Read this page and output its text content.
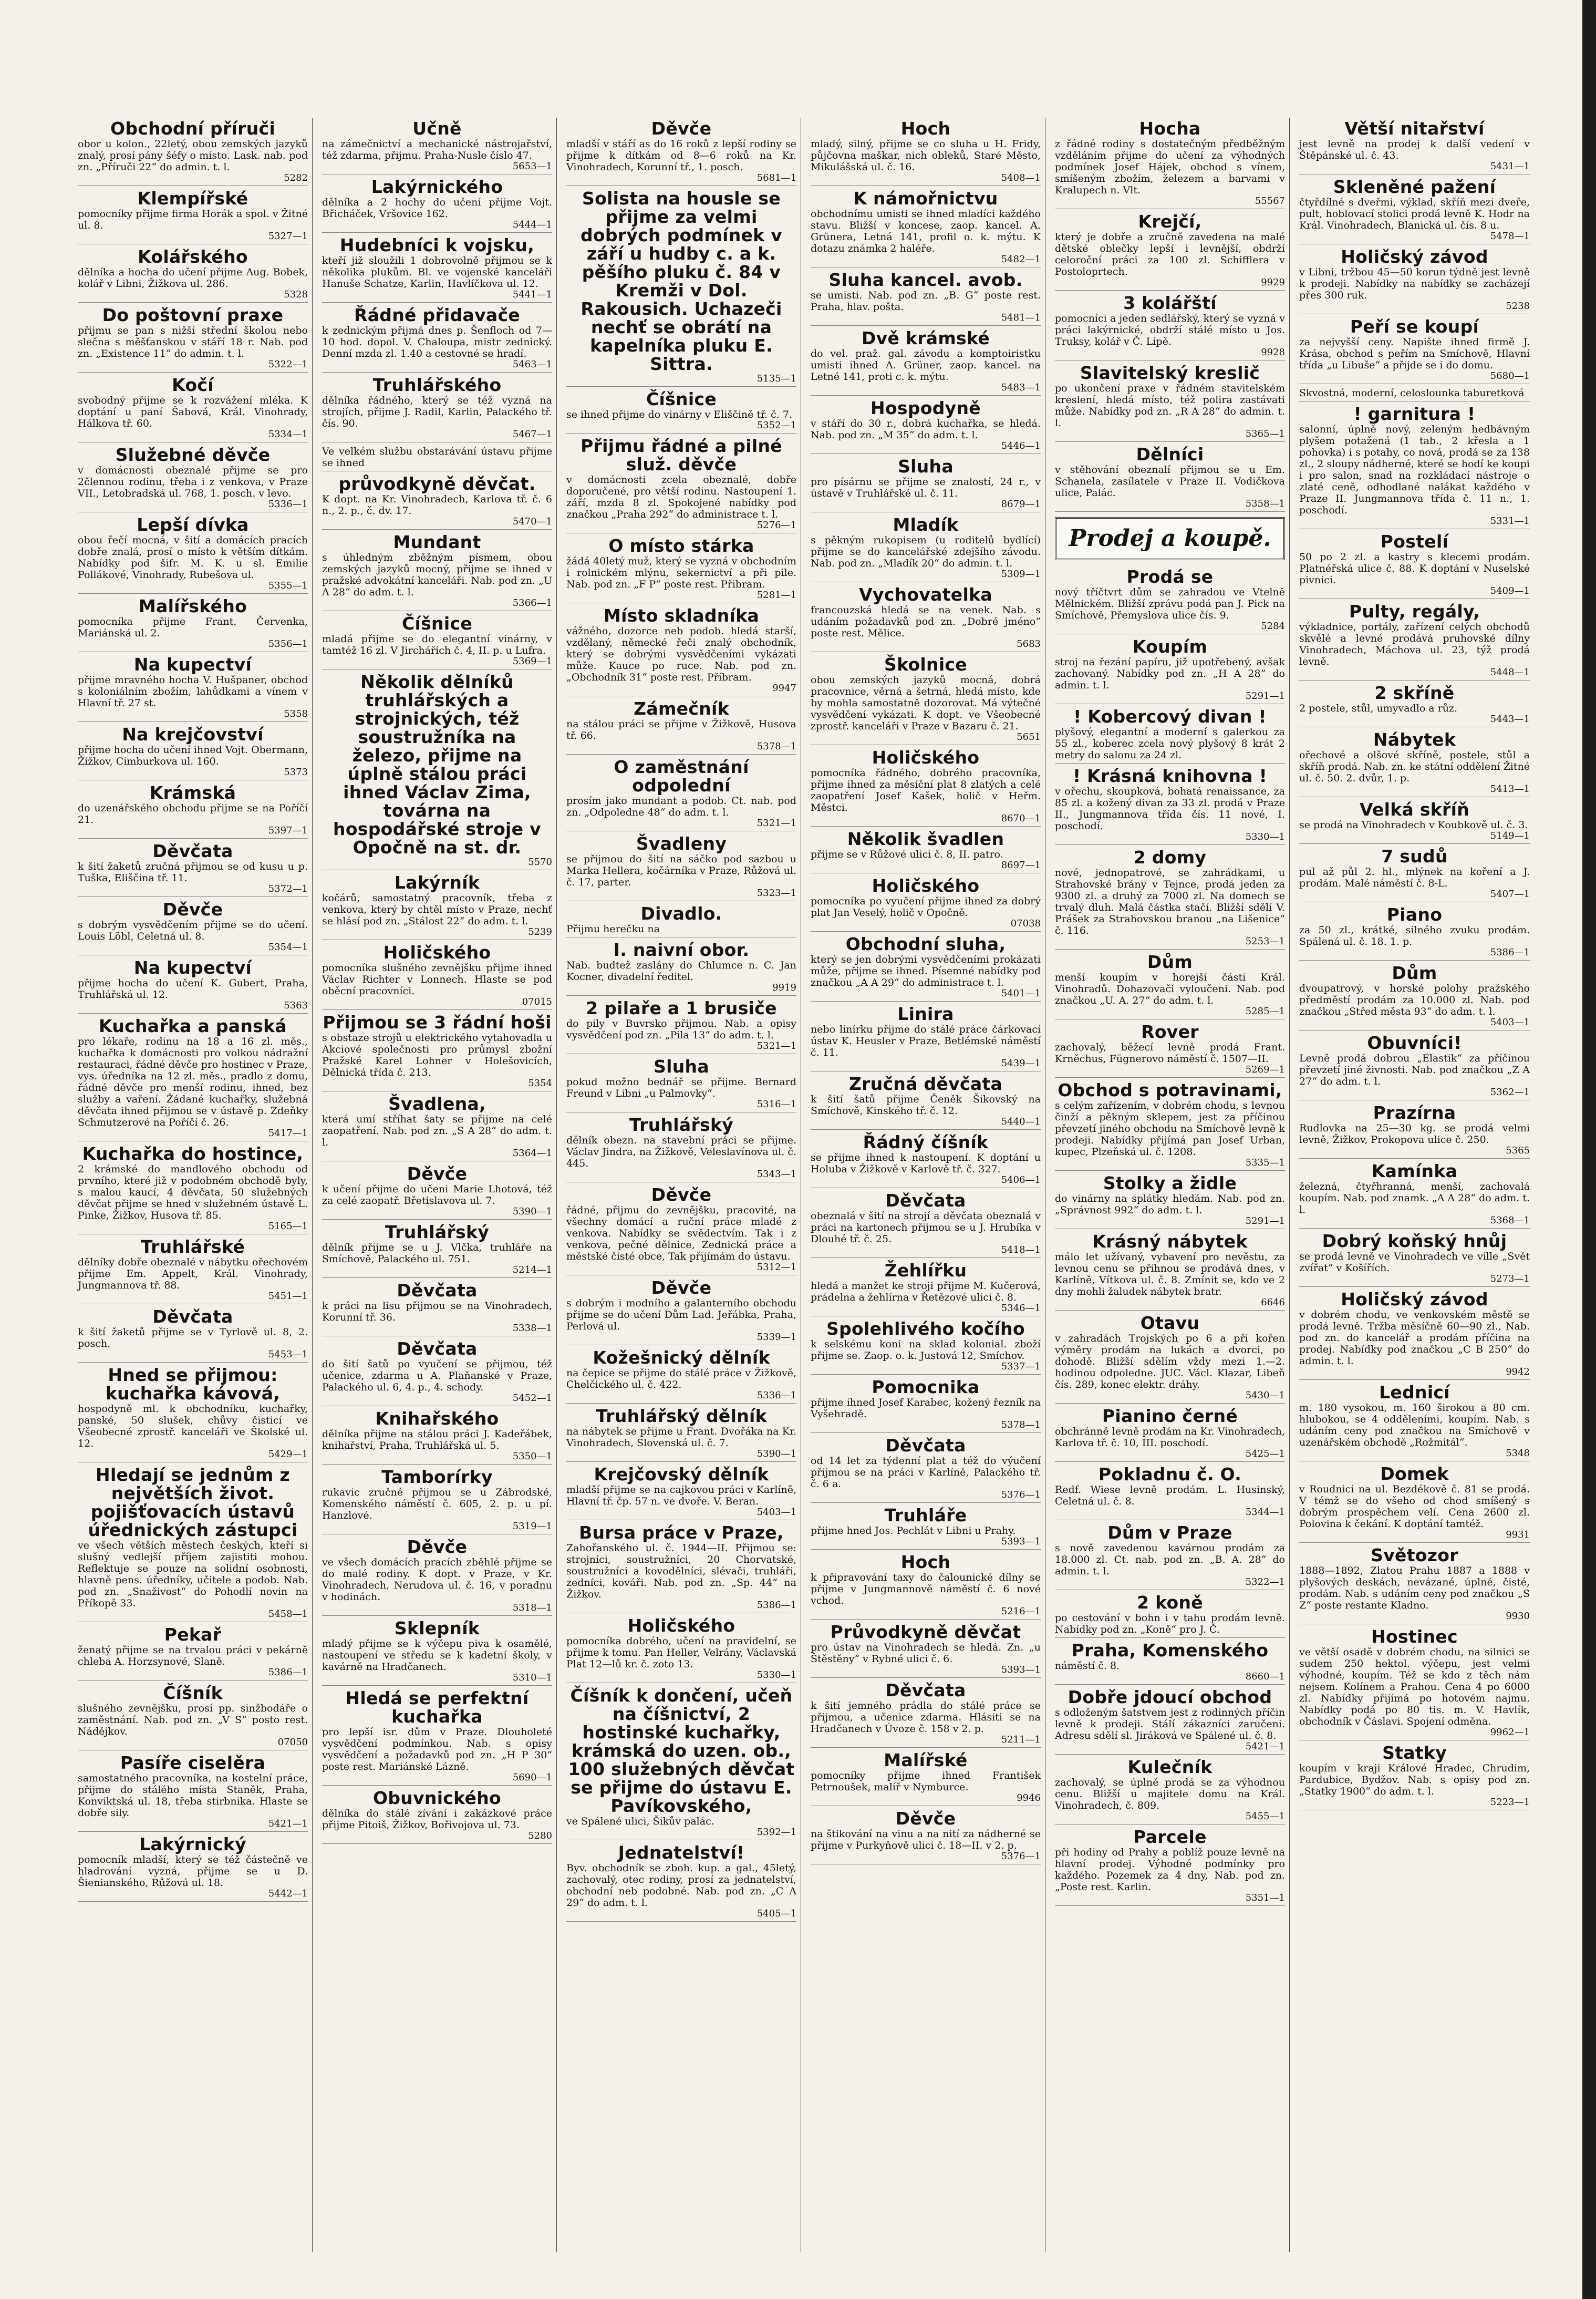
Obchodní příruči

obor u kolon., 22letý, obou zemských jazyků znalý, prosí pány šéfy o místo. Lask. nab. pod zn. „Příruči 22“ do admin. t. l.

5282
Klempířské

pomocníky přijme firma Horák a spol. v Žitné ul. 8.

5327—1
Kolářského

dělníka a hocha do učení přijme Aug. Bobek, kolář v Libni, Žižkova ul. 286.

5328
Do poštovní praxe

přijmu se pan s nižší střední školou nebo slečna s měšťanskou v stáří 18 r. Nab. pod zn. „Existence 11“ do admin. t. l.

5322—1
Kočí

svobodný přijme se k rozvážení mléka. K doptání u paní Šabová, Král. Vinohrady, Hálkova tř. 60.

5334—1
Služebné děvče

v domácnosti obeznalé přijme se pro 2člennou rodinu, třeba i z venkova, v Praze VII., Letobradská ul. 768, 1. posch. v levo.

5336—1
Lepší dívka

obou řečí mocná, v šití a domácích pracích dobře znalá, prosí o místo k větším dítkám. Nabídky pod šifr. M. K. u sl. Emilie Pollákové, Vinohrady, Rubešova ul.

5355—1
Malířského

pomocníka přijme Frant. Červenka, Mariánská ul. 2.

5356—1
Na kupectví

přijme mravného hocha V. Hušpaner, obchod s koloniálním zbožím, lahůdkami a vínem v Hlavní tř. 27 st.

5358
Na krejčovství

přijme hocha do učení ihned Vojt. Obermann, Žižkov, Cimburkova ul. 160.

5373
Krámská

do uzenářského obchodu přijme se na Poříčí 21.

5397—1
Děvčata

k šití žaketů zručná přijmou se od kusu u p. Tuška, Eliščina tř. 11.

5372—1
Děvče

s dobrým vysvědčením přijme se do učení. Louis Löbl, Celetná ul. 8.

5354—1
Na kupectví

přijme hocha do učení K. Gubert, Praha, Truhlářská ul. 12.

5363
Kuchařka a panská

pro lékaře, rodinu na 18 a 16 zl. měs., kuchařka k domácnosti pro volkou nádražní restauraci, řádné děvče pro hostinec v Praze, vys. úředníka na 12 zl. měs., pradlo z domu, řádné děvče pro menší rodinu, ihned, bez služby a vaření. Žádané kuchařky, služebná děvčata ihned přijmou se v ústavě p. Zdeňky Schmutzerové na Poříčí č. 26.

5417—1
Kuchařka do hostince,

2 krámské do mandlového obchodu od prvního, které již v podobném obchodě byly, s malou kaucí, 4 děvčata, 50 služebných děvčat přijme se hned v služebném ústavě L. Pinke, Žižkov, Husova tř. 85.

5165—1
Truhlářské

dělníky dobře obeznalé v nábytku ořechovém přijme Em. Appelt, Král. Vinohrady, Jungmannova tř. 88.

5451—1
Děvčata

k šití žaketů přijme se v Tyrlově ul. 8, 2. posch.

5453—1
Hned se přijmou: kuchařka kávová,

hospodyně ml. k obchodníku, kuchařky, panské, 50 slušek, chůvy čisticí ve Všeobecné zprostř. kanceláři ve Školské ul. 12.

5429—1
Hledají se jednům z největších život. pojišťovacích ústavů úřednických zástupci

ve všech větších městech českých, kteří si slušný vedlejší příjem zajistiti mohou. Reflektuje se pouze na solidní osobnosti, hlavně pens. úředníky, učitele a podob. Nab. pod zn. „Snaživost“ do Pohodlí novin na Příkopě 33.

5458—1
Pekař

ženatý přijme se na trvalou práci v pekárně chleba A. Horzsynové, Slaně.

5386—1
Číšník

slušného zevnějšku, prosí pp. sinžbodáře o zaměstnání. Nab. pod zn. „V S“ posto rest. Nádějkov.

07050
Pasíře ciselěra

samostatného pracovníka, na kostelní práce, přijme do stálého místa Staněk, Praha, Konviktská ul. 18, třeba stirbnika. Hlaste se dobře sily.

5421—1
Lakýrnický

pomocník mladší, který se též částečně ve hladrování vyzná, přijme se u D. Šienianského, Růžová ul. 18.

5442—1
Učně

na zámečnictví a mechanické nástrojařství, též zdarma, přijmu. Praha-Nusle číslo 47.

5653—1
Lakýrnického

dělníka a 2 hochy do učení přijme Vojt. Břicháček, Vršovice 162.

5444—1
Hudebníci k vojsku,

kteří již sloužili 1 dobrovolně přijmou se k několika plukům. Bl. ve vojenské kanceláři Hanuše Schatze, Karlin, Havlíčkova ul. 12.

5441—1
Řádné přidavače

k zednickým přijmá dnes p. Šenfloch od 7—10 hod. dopol. V. Chaloupa, mistr zednický. Denní mzda zl. 1.40 a cestovné se hradí.

5463—1
Truhlářského

dělníka řádného, který se též vyzná na strojích, přijme J. Radil, Karlin, Palackého tř. čís. 90.

5467—1

Ve velkém službu obstarávání ústavu přijme se ihned

průvodkyně děvčat.

K dopt. na Kr. Vinohradech, Karlova tř. č. 6 n., 2. p., č. dv. 17.

5470—1
Mundant

s úhledným zběžným písmem, obou zemských jazyků mocný, přijme se ihned v pražské advokátní kanceláři. Nab. pod zn. „U A 28“ do adm. t. l.

5366—1
Číšnice

mladá přijme se do elegantní vinárny, v tamtéž 16 zl. V Jirchářích č. 4, II. p. u Lufra.

5369—1
Několik dělníků truhlářských a strojnických, též soustružníka na železo, přijme na úplně stálou práci ihned Václav Zima, továrna na hospodářské stroje v Opočně na st. dr.
5570
Lakýrník

kočárů, samostatný pracovník, třeba z venkova, který by chtěl místo v Praze, nechť se hlásí pod zn. „Stálost 22“ do adm. t. l.

5239
Holičského

pomocníka slušného zevnějšku přijme ihned Václav Richter v Lonnech. Hlaste se pod oběcní pracovníci.

07015
Přijmou se 3 řádní hoši

s obstaze strojů u elektrického vytahovadla u Akciové společnosti pro průmysl zbožní Pražské Karel Lohner v Holešovicích, Dělnická třída č. 213.

5354
Švadlena,

která umí stříhat šaty se přijme na celé zaopatření. Nab. pod zn. „S A 28“ do adm. t. l.

5364—1
Děvče

k učení přijme do učeni Marie Lhotová, též za celé zaopatř. Břetislavova ul. 7.

5390—1
Truhlářský

dělník přijme se u J. Vlčka, truhláře na Smíchově, Palackého ul. 751.

5214—1
Děvčata

k práci na lisu přijmou se na Vinohradech, Korunní tř. 36.

5338—1
Děvčata

do šití šatů po vyučení se přijmou, též učenice, zdarma u A. Plaňanské v Praze, Palackého ul. 6, 4. p., 4. schody.

5452—1
Knihařského

dělníka přijme na stálou práci J. Kadeřábek, knihařství, Praha, Truhlářská ul. 5.

5350—1
Tamborírky

rukavic zručné přijmou se u Zábrodské, Komenského náměstí č. 605, 2. p. u pí. Hanzlové.

5319—1
Děvče

ve všech domácích pracích zběhlé přijme se do malé rodiny. K dopt. v Praze, v Kr. Vinohradech, Nerudova ul. č. 16, v poradnu v hodinách.

5318—1
Sklepník

mladý přijme se k výčepu piva k osamělé, nastoupení ve středu se k kadetní školy, v kavárně na Hradčanech.

5310—1
Hledá se perfektní kuchařka

pro lepší isr. dům v Praze. Dlouholeté vysvědčení podmínkou. Nab. s opisy vysvědčení a požadavků pod zn. „H P 30“ poste rest. Mariánské Lázně.

5690—1
Obuvnického

dělníka do stálé zívání i zakázkové práce přijme Pitoiš, Žižkov, Bořivojova ul. 73.

5280
Děvče

mladší v stáří as do 16 roků z lepší rodiny se přijme k dítkám od 8—6 roků na Kr. Vinohradech, Korunní tř., 1. posch.

5681—1
Solista na housle se přijme za velmi dobrých podmínek v září u hudby c. a k. pěšího pluku č. 84 v Kremži v Dol. Rakousich. Uchazeči nechť se obrátí na kapelníka pluku E. Sittra.
5135—1
Číšnice

se ihned přijme do vinárny v Eliščině tř. č. 7.

5352—1
Přijmu řádné a pilné služ. děvče

v domácnosti zcela obeznalé, dobře doporučené, pro větší rodinu. Nastoupení 1. září, mzda 8 zl. Spokojené nabídky pod značkou „Praha 292“ do administrace t. l.

5276—1
O místo stárka

žádá 40letý muž, který se vyzná v obchodním i rolnickém mlýnu, sekernictví a při pile. Nab. pod zn. „F P“ poste rest. Přibram.

5281—1
Místo skladníka

vážného, dozorce neb podob. hledá starší, vzdělaný, německé řeči znalý obchodník, který se dobrými vysvědčeními vykázati může. Kauce po ruce. Nab. pod zn. „Obchodník 31“ poste rest. Příbram.

9947
Zámečník

na stálou práci se přijme v Žižkově, Husova tř. 66.

5378—1
O zaměstnání odpolední

prosím jako mundant a podob. Ct. nab. pod zn. „Odpoledne 48“ do adm. t. l.

5321—1
Švadleny

se přijmou do šití na sáčko pod sazbou u Marka Hellera, kočárníka v Praze, Růžová ul. č. 17, parter.

5323—1
Divadlo.

Přijmu herečku na

I. naivní obor.

Nab. budtež zaslány do Chlumce n. C. Jan Kocner, divadelní ředitel.

9919
2 pilaře a 1 brusiče

do pily v Buvrsko přijmou. Nab. a opisy vysvědčení pod zn. „Pila 13“ do adm. t. l.

5321—1
Sluha

pokud možno bednář se přijme. Bernard Freund v Libni „u Palmovky“.

5316—1
Truhlářský

dělník obezn. na stavební práci se přijme. Václav Jindra, na Žižkově, Veleslavínova ul. č. 445.

5343—1
Děvče

řádné, přijmu do zevnějšku, pracovité, na všechny domácí a ruční práce mladé z venkova. Nabídky se svědectvím. Tak i z venkova, pečné dělnice, Zednická práce a městské čisté obce, Tak přijímám do ústavu.

5312—1
Děvče

s dobrým i modního a galanterního obchodu přijme se do učení Dům Lad. Jeřábka, Praha, Perlová ul.

5339—1
Kožešnický dělník

na čepice se přijme do stálé práce v Žižkově, Chelčického ul. č. 422.

5336—1
Truhlářský dělník

na nábytek se přijme u Frant. Dvořáka na Kr. Vinohradech, Slovenská ul. č. 7.

5390—1
Krejčovský dělník

mladší přijme se na cajkovou práci v Karlíně, Hlavní tř. čp. 57 n. ve dvoře. V. Beran.

5403—1
Bursa práce v Praze,

Zahořanského ul. č. 1944—II. Přijmou se: strojníci, soustružníci, 20 Chorvatské, soustružníci a kovodělníci, slévači, truhláři, zedníci, kováři. Nab. pod zn. „Sp. 44“ na Žižkov.

5386—1
Holičského

pomocníka dobrého, učení na pravidelní, se přijme k tomu. Pan Heller, Velrány, Václavská Plat 12—lů kr. č. zoto 13.

5330—1
Číšník k dončení, učeň na číšnictví, 2 hostinské kuchařky, krámská do uzen. ob., 100 služebných děvčat se přijme do ústavu E. Pavíkovského,

ve Spálené ulici, Šikův palác.

5392—1
Jednatelství!

Byv. obchodník se zboh. kup. a gal., 45letý, zachovalý, otec rodiny, prosí za jednatelství, obchodní neb podobné. Nab. pod zn. „C A 29“ do adm. t. l.

5405—1
Hoch

mladý, silný, přijme se co sluha u H. Fridy, půjčovna maškar, nich obleků, Staré Město, Mikulášská ul. č. 16.

5408—1
K námořnictvu

obchodnímu umisti se ihned mladíci každého stavu. Bližší v koncese, zaop. kancel. A. Grünera, Letná 141, profil o. k. mýtu. K dotazu známka 2 haléře.

5482—1
Sluha kancel. avob.

se umisti. Nab. pod zn. „B. G“ poste rest. Praha, hlav. pošta.

5481—1
Dvě krámské

do vel. praž. gal. závodu a komptoiristku umisti ihned A. Grüner, zaop. kancel. na Letné 141, proti c. k. mýtu.

5483—1
Hospodyně

v stáří do 30 r., dobrá kuchařka, se hledá. Nab. pod zn. „M 35“ do adm. t. l.

5446—1
Sluha

pro písárnu se přijme se znalostí, 24 r., v ústavě v Truhlářské ul. č. 11.

8679—1
Mladík

s pěkným rukopisem (u roditelů bydlící) přijme se do kancelářské zdejšího závodu. Nab. pod zn. „Mladík 20“ do admin. t. l.

5309—1
Vychovatelka

francouzská hledá se na venek. Nab. s udáním požadavků pod zn. „Dobré jméno“ poste rest. Mělice.

5683
Školnice

obou zemských jazyků mocná, dobrá pracovnice, věrná a šetrná, hledá místo, kde by mohla samostatně dozorovat. Má výtečné vysvědčení vykázati. K dopt. ve Všeobecné zprostř. kanceláři v Praze v Bazaru č. 21.

5651
Holičského

pomocníka řádného, dobrého pracovníka, přijme ihned za měsíční plat 8 zlatých a celé zaopatření Josef Kašek, holič v Heřm. Městci.

8670—1
Několik švadlen

přijme se v Růžové ulici č. 8, II. patro.

8697—1
Holičského

pomocníka po vyučení přijme ihned za dobrý plat Jan Veselý, holič v Opočně.

07038
Obchodní sluha,

který se jen dobrými vysvědčeními prokázati může, přijme se ihned. Písemné nabídky pod značkou „A A 29“ do administrace t. l.

5401—1
Linira

nebo linírku přijme do stálé práce čárkovací ústav K. Heusler v Praze, Betlémské náměstí č. 11.

5439—1
Zručná děvčata

k šití šatů přijme Čeněk Šikovský na Smíchově, Kinského tř. č. 12.

5440—1
Řádný číšník

se přijme ihned k nastoupení. K doptání u Holuba v Žižkově v Karlově tř. č. 327.

5406—1
Děvčata

obeznalá v šití na strojí a děvčata obeznalá v práci na kartonech přijmou se u J. Hrubíka v Dlouhé tř. č. 25.

5418—1
Žehlířku

hledá a manžet ke stroji přijme M. Kučerová, prádelna a žehlírna v Řetězové ulici č. 8.

5346—1
Spolehlivého kočího

k selskému koni na sklad kolonial. zboží přijme se. Zaop. o. k. Justová 12, Smíchov.

5337—1
Pomocnika

přijme ihned Josef Karabec, kožený řezník na Vyšehradě.

5378—1
Děvčata

od 14 let za týdenní plat a též do výučení přijmou se na práci v Karlíně, Palackého tř. č. 6 a.

5376—1
Truhláře

přijme hned Jos. Pechlát v Libni u Prahy.

5393—1
Hoch

k připravování taxy do čalounické dílny se přijme v Jungmannově náměstí č. 6 nové vchod.

5216—1
Průvodkyně děvčat

pro ústav na Vinohradech se hledá. Zn. „u Štěstěny“ v Rybné ulici č. 6.

5393—1
Děvčata

k šití jemného prádla do stálé práce se přijmou, a učenice zdarma. Hlásiti se na Hradčanech v Úvoze č. 158 v 2. p.

5211—1
Malířské

pomocníky přijme ihned František Petrnoušek, malíř v Nymburce.

9946
Děvče

na štikování na vinu a na nití za nádherné se přijme v Purkyňově ulici č. 18—II. v 2. p.

5376—1
Hocha

z řádné rodiny s dostatečným předběžným vzděláním přijme do učení za výhodných podmínek Josef Hájek, obchod s vínem, smíšeným zbožím, železem a barvami v Kralupech n. Vlt.

55567
Krejčí,

který je dobře a zručně zavedena na malé dětské oblečky lepší i levnější, obdrží celoroční práci za 100 zl. Schifflera v Postoloprtech.

9929
3 kolářští

pomocníci a jeden sedlářský, který se vyzná v práci lakýrnické, obdrží stálé místo u Jos. Truksy, kolář v Č. Lípě.

9928
Slavitelský kreslič

po ukončení praxe v řádném stavitelském kreslení, hledá místo, též polira zastávati může. Nabídky pod zn. „R A 28“ do admin. t. l.

5365—1
Dělníci

v stěhování obeznalí přijmou se u Em. Schanela, zasílatele v Praze II. Vodičkova ulice, Palác.

5358—1
Prodej a koupě.
Prodá se

nový tříčtvrt dům se zahradou ve Vtelně Mělnickém. Bližší zprávu podá pan J. Pick na Smíchově, Přemyslova ulice čís. 9.

5284
Koupím

stroj na řezání papíru, již upotřebený, avšak zachovaný. Nabídky pod zn. „H A 28“ do admin. t. l.

5291—1
! Kobercový divan !

plyšový, elegantní a moderní s galerkou za 55 zl., koberec zcela nový plyšový 8 krát 2 metry do salonu za 24 zl.

! Krásná knihovna !

v ořechu, skoupková, bohatá renaissance, za 85 zl. a kožený divan za 33 zl. prodá v Praze II., Jungmannova třída čís. 11 nové, I. poschodí.

5330—1
2 domy

nové, jednopatrové, se zahrádkami, u Strahovské brány v Tejnce, prodá jeden za 9300 zl. a druhý za 7000 zl. Na domech se trvalý dluh. Malá částka stačí. Bližší sdělí V. Prášek za Strahovskou branou „na Lišenice“ č. 116.

5253—1
Dům

menší koupím v horejší části Král. Vinohradů. Dohazovači vyloučeni. Nab. pod značkou „U. A. 27“ do adm. t. l.

5285—1
Rover

zachovalý, běžecí levně prodá Frant. Krněchus, Fügnerovo náměstí č. 1507—II.

5269—1
Obchod s potravinami,

s celým zařízením, v dobrém chodu, s levnou činží a pěkným sklepem, jest za příčinou převzetí jiného obchodu na Smíchově levně k prodeji. Nabídky přijímá pan Josef Urban, kupec, Plzeňská ul. č. 1208.

5335—1
Stolky a židle

do vinárny na splátky hledám. Nab. pod zn. „Správnost 992“ do adm. t. l.

5291—1
Krásný nábytek

málo let užívaný, vybavení pro nevěstu, za levnou cenu se přihnou se prodává dnes, v Karlíně, Vítkova ul. č. 8. Zmínit se, kdo ve 2 dny mohli žaludek nábytek bratr.

6646
Otavu

v zahradách Trojských po 6 a při kořen výměry prodám na lukách a dvorci, po dohodě. Bližší sdělím vždy mezi 1.—2. hodinou odpoledne. JUC. Václ. Klazar, Libeň čís. 289, konec elektr. dráhy.

5430—1
Pianino černé

obchránně levně prodám na Kr. Vinohradech, Karlova tř. č. 10, III. poschodí.

5425—1
Pokladnu č. O.

Redf. Wiese levně prodám. L. Husinský, Celetná ul. č. 8.

5344—1
Dům v Praze

s nově zavedenou kavárnou prodám za 18.000 zl. Ct. nab. pod zn. „B. A. 28“ do admin. t. l.

5322—1
2 koně

po cestování v bohn i v tahu prodám levně. Nabídky pod zn. „Koně“ pro J. Č.

Praha, Komenského

náměstí č. 8.

8660—1
Dobře jdoucí obchod

s odloženým šatstvem jest z rodinných příčin levně k prodeji. Stálí zákazníci zaručeni. Adresu sdělí sl. Jiráková ve Spálené ul. č. 8.

5421—1
Kulečník

zachovalý, se úplně prodá se za výhodnou cenu. Bližší u majitele domu na Král. Vinohradech, č. 809.

5455—1
Parcele

při hodiny od Prahy a poblíž pouze levně na hlavní prodej. Výhodné podmínky pro každého. Pozemek za 4 dny, Nab. pod zn. „Poste rest. Karlin.

5351—1
Větší nitařství

jest levně na prodej k další vedení v Štěpánské ul. č. 43.

5431—1
Skleněné pažení

čtyřdílné s dveřmi, výklad, skříň mezi dveře, pult, hoblovací stolici prodá levně K. Hodr na Král. Vinohradech, Blanická ul. čís. 8 u.

5478—1
Holičský závod

v Libni, tržbou 45—50 korun týdně jest levně k prodeji. Nabídky na nabídky se zacházejí přes 300 ruk.

5238
Peří se koupí

za nejvyšší ceny. Napište ihned firmě J. Krása, obchod s peřím na Smíchově, Hlavní třída „u Libuše“ a přijde se i do domu.

5680—1

Skvostná, moderní, celoslounka taburetková

! garnitura !

salonní, úplně nový, zeleným hedbávným plyšem potažená (1 tab., 2 křesla a 1 pohovka) i s potahy, co nová, prodá se za 138 zl., 2 sloupy nádherné, které se hodí ke koupi i pro salon, snad na rozkládací nástroje o zlaté ceně, odhodlané nalákat každého v Praze II. Jungmannova třída č. 11 n., 1. poschodí.

5331—1
Postelí

50 po 2 zl. a kastry s klecemi prodám. Platnéřská ulice č. 88. K doptání v Nuselské pivnici.

5409—1
Pulty, regály,

výkladnice, portály, zařízení celých obchodů skvělé a levné prodává pruhovské dílny Vinohradech, Máchova ul. 23, týž prodá levně.

5448—1
2 skříně

2 postele, stůl, umyvadlo a růz.

5443—1
Nábytek

ořechové a olšové skříně, postele, stůl a skříň prodá. Nab. zn. ke státní oddělení Žitné ul. č. 50. 2. dvůr, 1. p.

5413—1
Velká skříň

se prodá na Vinohradech v Koubkově ul. č. 3.

5149—1
7 sudů

pul až půl 2. hl., mlýnek na koření a J. prodám. Malé náměstí č. 8-L.

5407—1
Piano

za 50 zl., krátké, silného zvuku prodám. Spálená ul. č. 18. 1. p.

5386—1
Dům

dvoupatrový, v horské polohy pražského předměstí prodám za 10.000 zl. Nab. pod značkou „Střed města 93“ do adm. t. l.

5403—1
Obuvníci!

Levně prodá dobrou „Elastik“ za příčinou převzetí jiné živnosti. Nab. pod značkou „Z A 27“ do adm. t. l.

5362—1
Prazírna

Rudlovka na 25—30 kg. se prodá velmi levně, Žižkov, Prokopova ulice č. 250.

5365
Kamínka

železná, čtyřhranná, menší, zachovalá koupím. Nab. pod znamk. „A A 28“ do adm. t. l.

5368—1
Dobrý koňský hnůj

se prodá levně ve Vinohradech ve ville „Svět zvířat“ v Košířích.

5273—1
Holičský závod

v dobrém chodu, ve venkovském městě se prodá levně. Tržba měsíčně 60—90 zl., Nab. pod zn. do kancelář a prodám příčina na prodej. Nabídky pod značkou „C B 250“ do admin. t. l.

9942
Lednicí

m. 180 vysokou, m. 160 širokou a 80 cm. hlubokou, se 4 odděleními, koupím. Nab. s udáním ceny pod značkou na Smíchově v uzenářském obchodě „Rožmitál“.

5348
Domek

v Roudnici na ul. Bezdékově č. 81 se prodá. V témž se do všeho od chod smíšený s dobrým prospěchem velí. Cena 2600 zl. Polovina k čekání. K doptání tamtéž.

9931
Světozor

1888—1892, Zlatou Prahu 1887 a 1888 v plyšových deskách, nevázané, úplné, čisté, prodám. Nab. s udáním ceny pod značkou „S Z“ poste restante Kladno.

9930
Hostinec

ve větší osadě v dobrém chodu, na silnici se sudem 250 hektol. výčepu, jest velmi výhodné, koupím. Též se kdo z těch nám nejsem. Kolínem a Prahou. Cena 4 po 6000 zl. Nabídky přijímá po hotovém najmu. Nabídky podá po 80 tis. m. V. Havlík, obchodník v Čáslavi. Spojení odměna.

9962—1
Statky

koupím v kraji Králové Hradec, Chrudim, Pardubice, Bydžov. Nab. s opisy pod zn. „Statky 1900“ do adm. t. l.

5223—1
